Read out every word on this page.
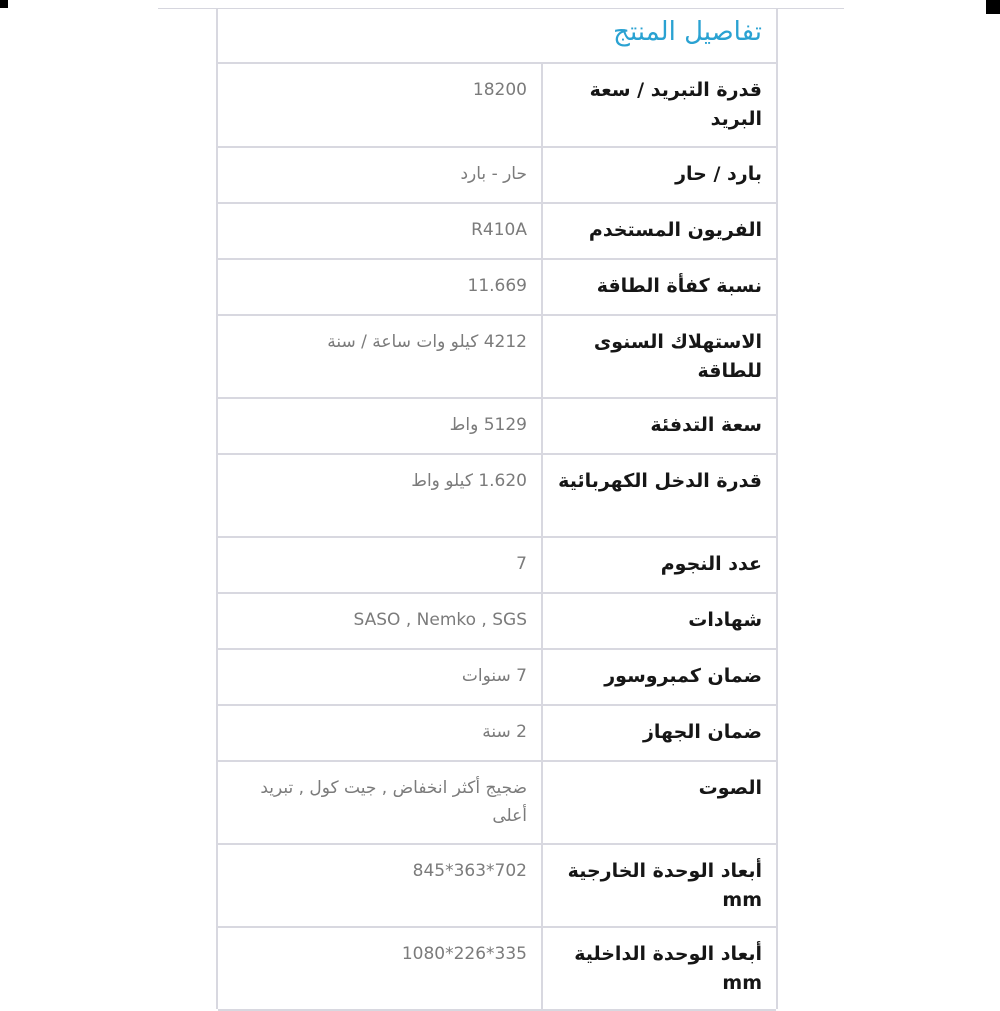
تفاصيل المنتج
قدرة التبريد / سعة البريد	18200
بارد / حار	حار - بارد
الفريون المستخدم	R410A
نسبة كفأة الطاقة	11.669
الاستهلاك السنوى للطاقة	4212 كيلو وات ساعة / سنة
سعة التدفئة	5129 واط
قدرة الدخل الكهربائية	1.620 كيلو واط
عدد النجوم	7
شهادات	SASO , Nemko , SGS
ضمان كمبروسور	7 سنوات
ضمان الجهاز	2 سنة
الصوت	ضجيج أكثر انخفاض , جيت كول , تبريد أعلى
أبعاد الوحدة الخارجية mm	702*363*845
أبعاد الوحدة الداخلية mm	335*226*1080
